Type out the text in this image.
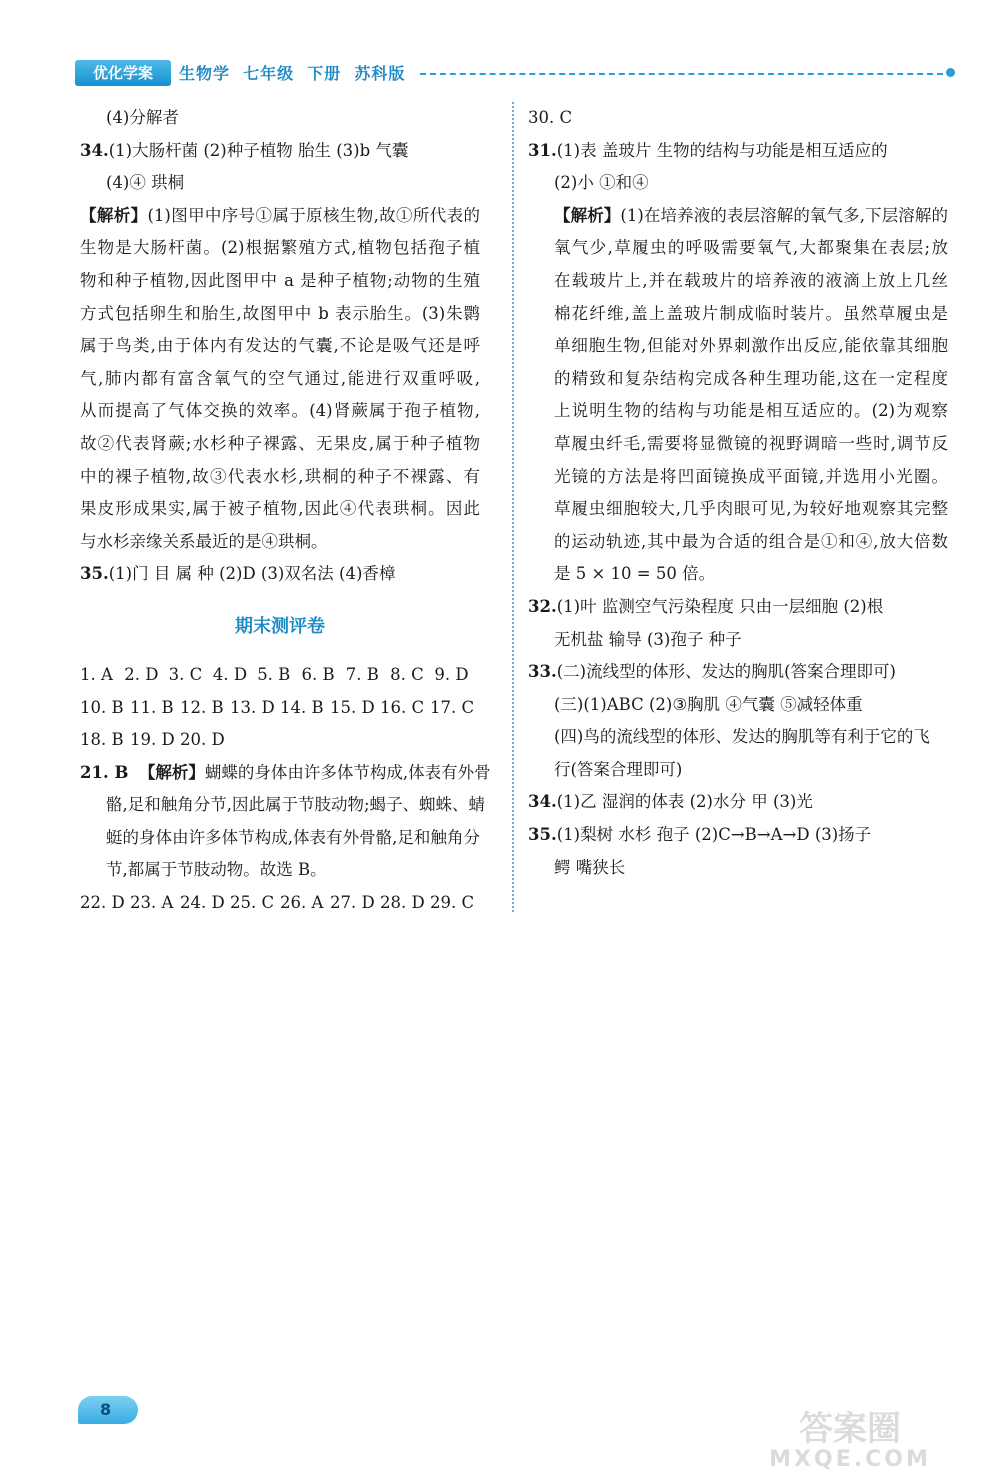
优化学案	生物学  七年级  下册  苏科版
(4)分解者
34.(1)大肠杆菌 (2)种子植物 胎生 (3)b 气囊
(4)④ 珙桐
【解析】(1)图甲中序号①属于原核生物,故①所代表的
生物是大肠杆菌。(2)根据繁殖方式,植物包括孢子植
物和种子植物,因此图甲中 a 是种子植物;动物的生殖
方式包括卵生和胎生,故图甲中 b 表示胎生。(3)朱鹮
属于鸟类,由于体内有发达的气囊,不论是吸气还是呼
气,肺内都有富含氧气的空气通过,能进行双重呼吸,
从而提高了气体交换的效率。(4)肾蕨属于孢子植物,
故②代表肾蕨;水杉种子裸露、无果皮,属于种子植物
中的裸子植物,故③代表水杉,珙桐的种子不裸露、有
果皮形成果实,属于被子植物,因此④代表珙桐。因此
与水杉亲缘关系最近的是④珙桐。
35.(1)门 目 属 种 (2)D (3)双名法 (4)香樟
期末测评卷
1. A 2. D 3. C 4. D 5. B 6. B 7. B 8. C 9. D
10. B 11. B 12. B 13. D 14. B 15. D 16. C 17. C
18. B 19. D 20. D
21. B 【解析】蝴蝶的身体由许多体节构成,体表有外骨
骼,足和触角分节,因此属于节肢动物;蝎子、蜘蛛、蜻
蜓的身体由许多体节构成,体表有外骨骼,足和触角分
节,都属于节肢动物。故选 B。
22. D 23. A 24. D 25. C 26. A 27. D 28. D 29. C
30. C
31.(1)表 盖玻片 生物的结构与功能是相互适应的
(2)小 ①和④
【解析】(1)在培养液的表层溶解的氧气多,下层溶解的
氧气少,草履虫的呼吸需要氧气,大都聚集在表层;放
在载玻片上,并在载玻片的培养液的液滴上放上几丝
棉花纤维,盖上盖玻片制成临时装片。虽然草履虫是
单细胞生物,但能对外界刺激作出反应,能依靠其细胞
的精致和复杂结构完成各种生理功能,这在一定程度
上说明生物的结构与功能是相互适应的。(2)为观察
草履虫纤毛,需要将显微镜的视野调暗一些时,调节反
光镜的方法是将凹面镜换成平面镜,并选用小光圈。
草履虫细胞较大,几乎肉眼可见,为较好地观察其完整
的运动轨迹,其中最为合适的组合是①和④,放大倍数
是 5 × 10 = 50 倍。
32.(1)叶 监测空气污染程度 只由一层细胞 (2)根
无机盐 输导 (3)孢子 种子
33.(二)流线型的体形、发达的胸肌(答案合理即可)
(三)(1)ABC (2)③胸肌 ④气囊 ⑤减轻体重
(四)鸟的流线型的体形、发达的胸肌等有利于它的飞
行(答案合理即可)
34.(1)乙 湿润的体表 (2)水分 甲 (3)光
35.(1)梨树 水杉 孢子 (2)C→B→A→D (3)扬子
鳄 嘴狭长
8	答案圈
MXQE.COM
